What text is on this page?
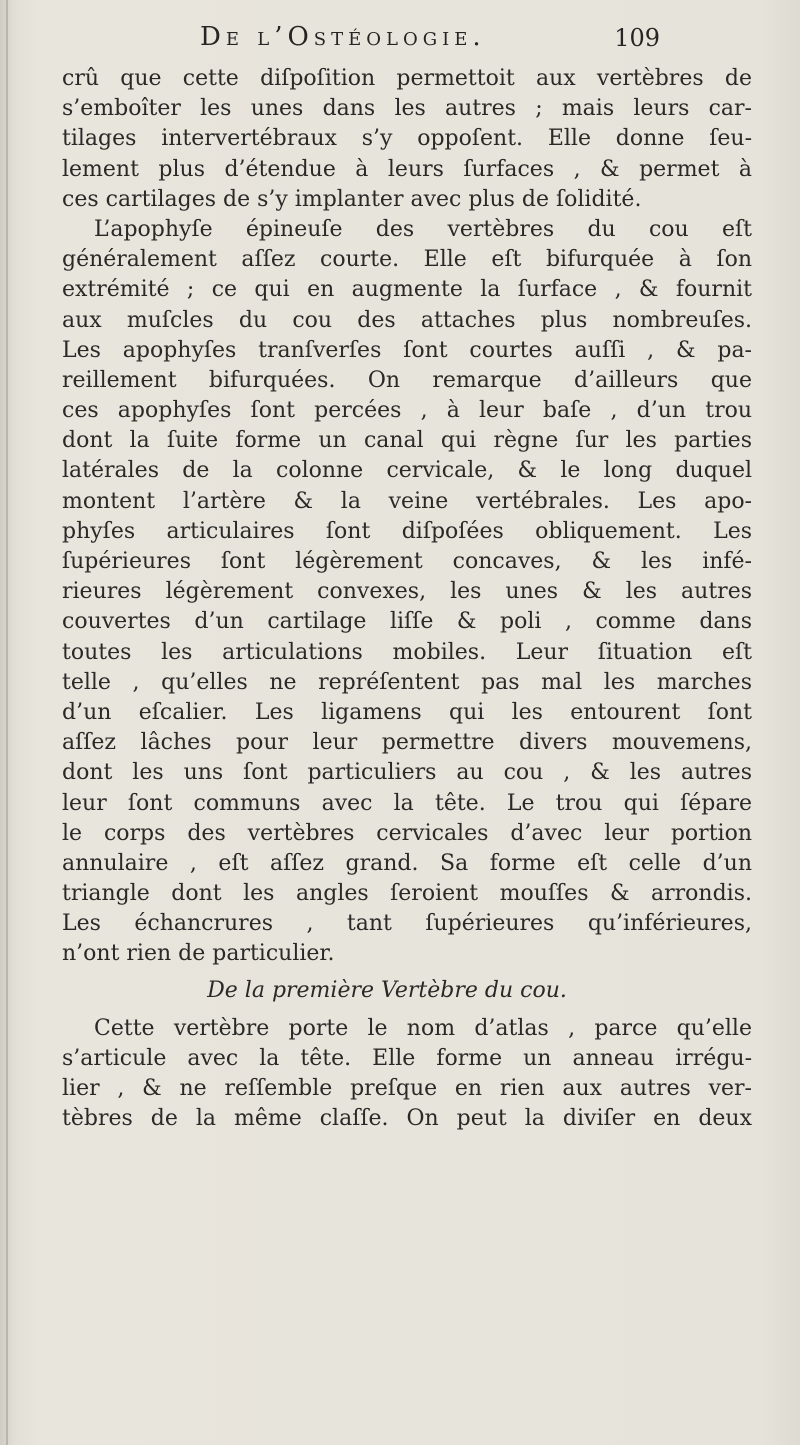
De l’Ostéologie.	109
crû que cette diſpoſition permettoit aux vertèbres de
s’emboîter les unes dans les autres ; mais leurs car-
tilages intervertébraux s’y oppoſent. Elle donne ſeu-
lement plus d’étendue à leurs ſurfaces , & permet à
ces cartilages de s’y implanter avec plus de ſolidité.
L’apophyſe épineuſe des vertèbres du cou eſt
généralement aſſez courte. Elle eſt bifurquée à ſon
extrémité ; ce qui en augmente la ſurface , & fournit
aux muſcles du cou des attaches plus nombreuſes.
Les apophyſes tranſverſes ſont courtes auſſi , & pa-
reillement bifurquées. On remarque d’ailleurs que
ces apophyſes ſont percées , à leur baſe , d’un trou
dont la ſuite forme un canal qui règne ſur les parties
latérales de la colonne cervicale, & le long duquel
montent l’artère & la veine vertébrales. Les apo-
phyſes articulaires ſont diſpoſées obliquement. Les
ſupérieures ſont légèrement concaves, & les infé-
rieures légèrement convexes, les unes & les autres
couvertes d’un cartilage liſſe & poli , comme dans
toutes les articulations mobiles. Leur ſituation eſt
telle , qu’elles ne repréſentent pas mal les marches
d’un eſcalier. Les ligamens qui les entourent ſont
aſſez lâches pour leur permettre divers mouvemens,
dont les uns ſont particuliers au cou , & les autres
leur ſont communs avec la tête. Le trou qui ſépare
le corps des vertèbres cervicales d’avec leur portion
annulaire , eſt aſſez grand. Sa forme eſt celle d’un
triangle dont les angles ſeroient mouſſes & arrondis.
Les échancrures , tant ſupérieures qu’inférieures,
n’ont rien de particulier.
De la première Vertèbre du cou.
Cette vertèbre porte le nom d’atlas , parce qu’elle
s’articule avec la tête. Elle forme un anneau irrégu-
lier , & ne reſſemble preſque en rien aux autres ver-
tèbres de la même claſſe. On peut la diviſer en deux
